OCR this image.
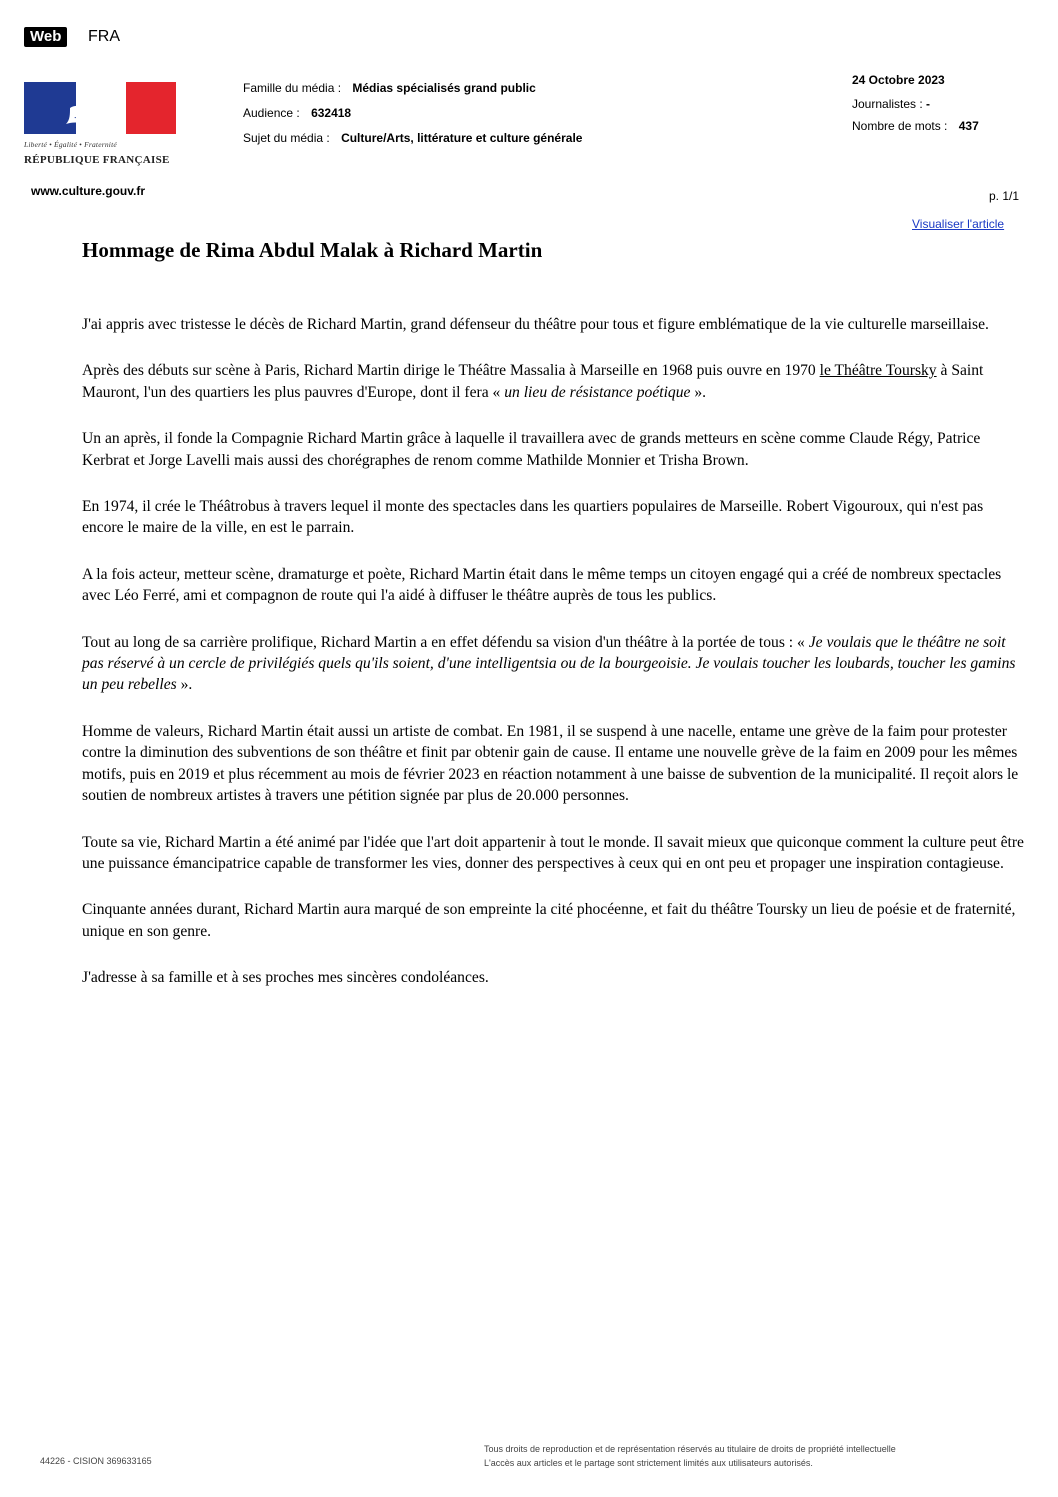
Web	FRA
Liberté • Égalité • Fraternité
RÉPUBLIQUE FRANÇAISE
www.culture.gouv.fr
Famille du média : Médias spécialisés grand public
Audience : 632418
Sujet du média : Culture/Arts, littérature et culture générale
24 Octobre 2023
Journalistes : -
Nombre de mots : 437
p. 1/1
Visualiser l'article
Hommage de Rima Abdul Malak à Richard Martin

J'ai appris avec tristesse le décès de Richard Martin, grand défenseur du théâtre pour tous et figure emblématique de la vie culturelle marseillaise.

Après des débuts sur scène à Paris, Richard Martin dirige le Théâtre Massalia à Marseille en 1968 puis ouvre en 1970 le Théâtre Toursky à Saint Mauront, l'un des quartiers les plus pauvres d'Europe, dont il fera « un lieu de résistance poétique ».

Un an après, il fonde la Compagnie Richard Martin grâce à laquelle il travaillera avec de grands metteurs en scène comme Claude Régy, Patrice Kerbrat et Jorge Lavelli mais aussi des chorégraphes de renom comme Mathilde Monnier et Trisha Brown.

En 1974, il crée le Théâtrobus à travers lequel il monte des spectacles dans les quartiers populaires de Marseille. Robert Vigouroux, qui n'est pas encore le maire de la ville, en est le parrain.

A la fois acteur, metteur scène, dramaturge et poète, Richard Martin était dans le même temps un citoyen engagé qui a créé de nombreux spectacles avec Léo Ferré, ami et compagnon de route qui l'a aidé à diffuser le théâtre auprès de tous les publics.

Tout au long de sa carrière prolifique, Richard Martin a en effet défendu sa vision d'un théâtre à la portée de tous : « Je voulais que le théâtre ne soit pas réservé à un cercle de privilégiés quels qu'ils soient, d'une intelligentsia ou de la bourgeoisie. Je voulais toucher les loubards, toucher les gamins un peu rebelles ».

Homme de valeurs, Richard Martin était aussi un artiste de combat. En 1981, il se suspend à une nacelle, entame une grève de la faim pour protester contre la diminution des subventions de son théâtre et finit par obtenir gain de cause. Il entame une nouvelle grève de la faim en 2009 pour les mêmes motifs, puis en 2019 et plus récemment au mois de février 2023 en réaction notamment à une baisse de subvention de la municipalité. Il reçoit alors le soutien de nombreux artistes à travers une pétition signée par plus de 20.000 personnes.

Toute sa vie, Richard Martin a été animé par l'idée que l'art doit appartenir à tout le monde. Il savait mieux que quiconque comment la culture peut être une puissance émancipatrice capable de transformer les vies, donner des perspectives à ceux qui en ont peu et propager une inspiration contagieuse.

Cinquante années durant, Richard Martin aura marqué de son empreinte la cité phocéenne, et fait du théâtre Toursky un lieu de poésie et de fraternité, unique en son genre.

J'adresse à sa famille et à ses proches mes sincères condoléances.

44226 - CISION 369633165
Tous droits de reproduction et de représentation réservés au titulaire de droits de propriété intellectuelle
L'accès aux articles et le partage sont strictement limités aux utilisateurs autorisés.
